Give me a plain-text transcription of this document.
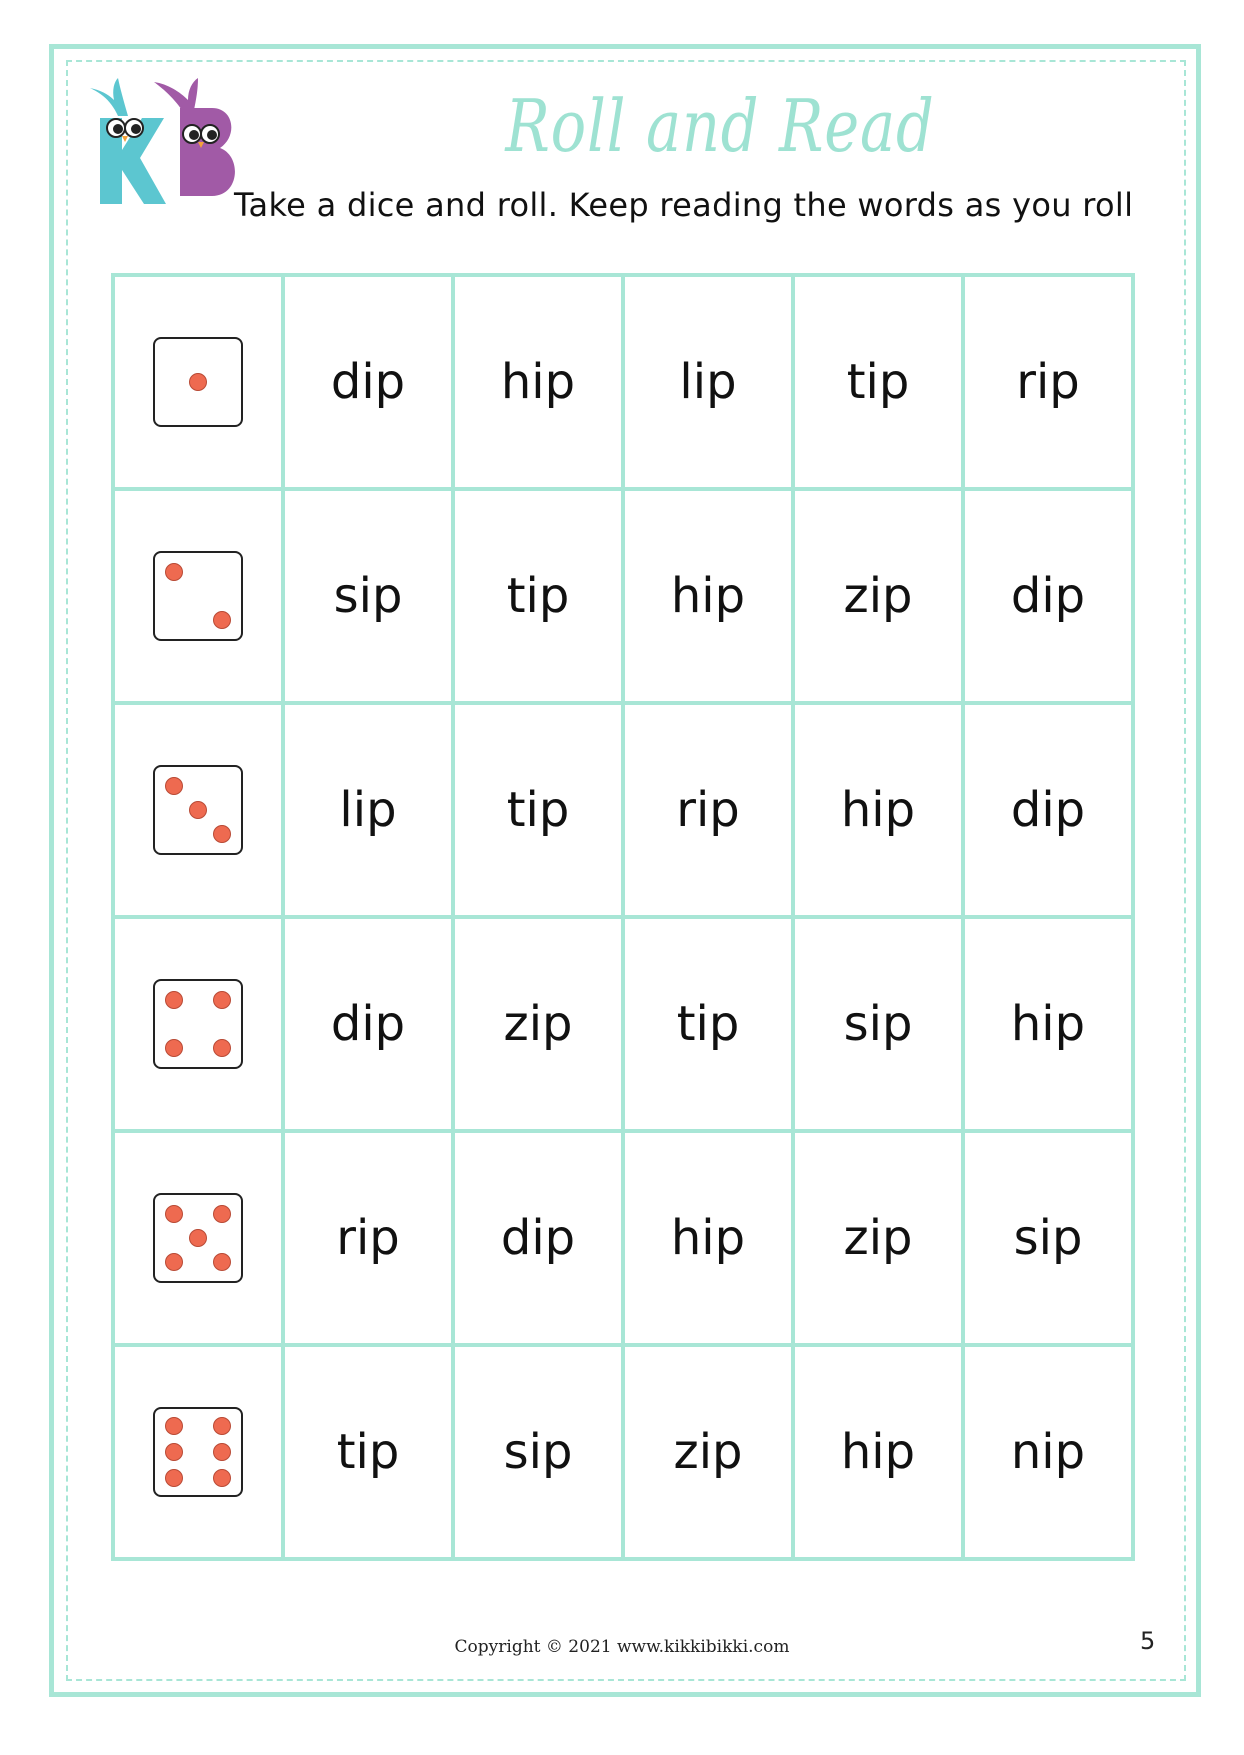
Roll and Read
Take a dice and roll. Keep reading the words as you roll
	dip	hip	lip	tip	rip

	sip	tip	hip	zip	dip

	lip	tip	rip	hip	dip

	dip	zip	tip	sip	hip

	rip	dip	hip	zip	sip

	tip	sip	zip	hip	nip
Copyright © 2021 www.kikkibikki.com	5
